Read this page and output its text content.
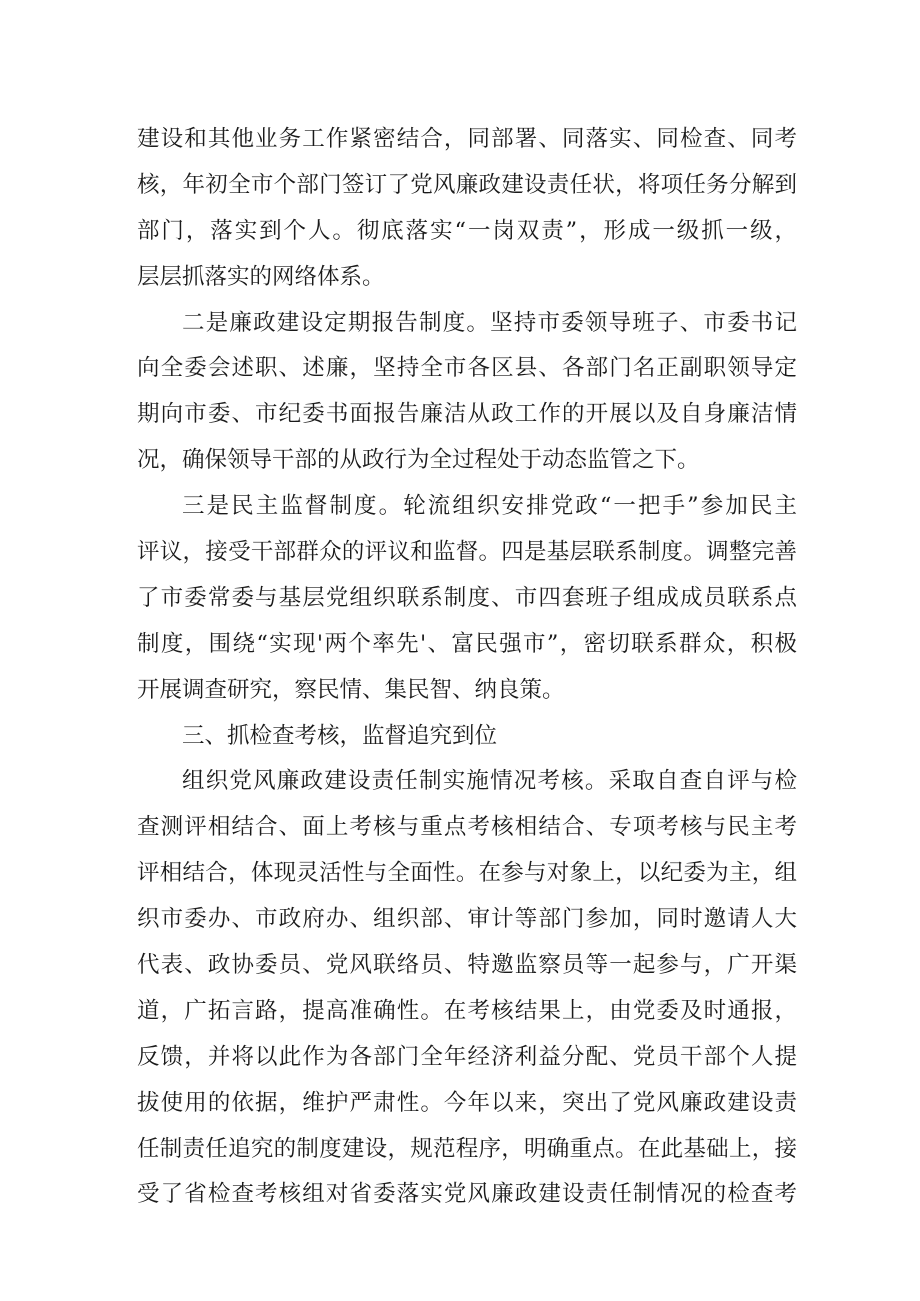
建设和其他业务工作紧密结合，同部署、同落实、同检查、同考
核，年初全市个部门签订了党风廉政建设责任状，将项任务分解到
部门，落实到个人。彻底落实“一岗双责”，形成一级抓一级，
层层抓落实的网络体系。
二是廉政建设定期报告制度。坚持市委领导班子、市委书记
向全委会述职、述廉，坚持全市各区县、各部门名正副职领导定
期向市委、市纪委书面报告廉洁从政工作的开展以及自身廉洁情
况，确保领导干部的从政行为全过程处于动态监管之下。
三是民主监督制度。轮流组织安排党政“一把手”参加民主
评议，接受干部群众的评议和监督。四是基层联系制度。调整完善
了市委常委与基层党组织联系制度、市四套班子组成成员联系点
制度，围绕“实现'两个率先'、富民强市”，密切联系群众，积极
开展调查研究，察民情、集民智、纳良策。
三、抓检查考核，监督追究到位
组织党风廉政建设责任制实施情况考核。采取自查自评与检
查测评相结合、面上考核与重点考核相结合、专项考核与民主考
评相结合，体现灵活性与全面性。在参与对象上，以纪委为主，组
织市委办、市政府办、组织部、审计等部门参加，同时邀请人大
代表、政协委员、党风联络员、特邀监察员等一起参与，广开渠
道，广拓言路，提高准确性。在考核结果上，由党委及时通报，
反馈，并将以此作为各部门全年经济利益分配、党员干部个人提
拔使用的依据，维护严肃性。今年以来，突出了党风廉政建设责
任制责任追究的制度建设，规范程序，明确重点。在此基础上，接
受了省检查考核组对省委落实党风廉政建设责任制情况的检查考
